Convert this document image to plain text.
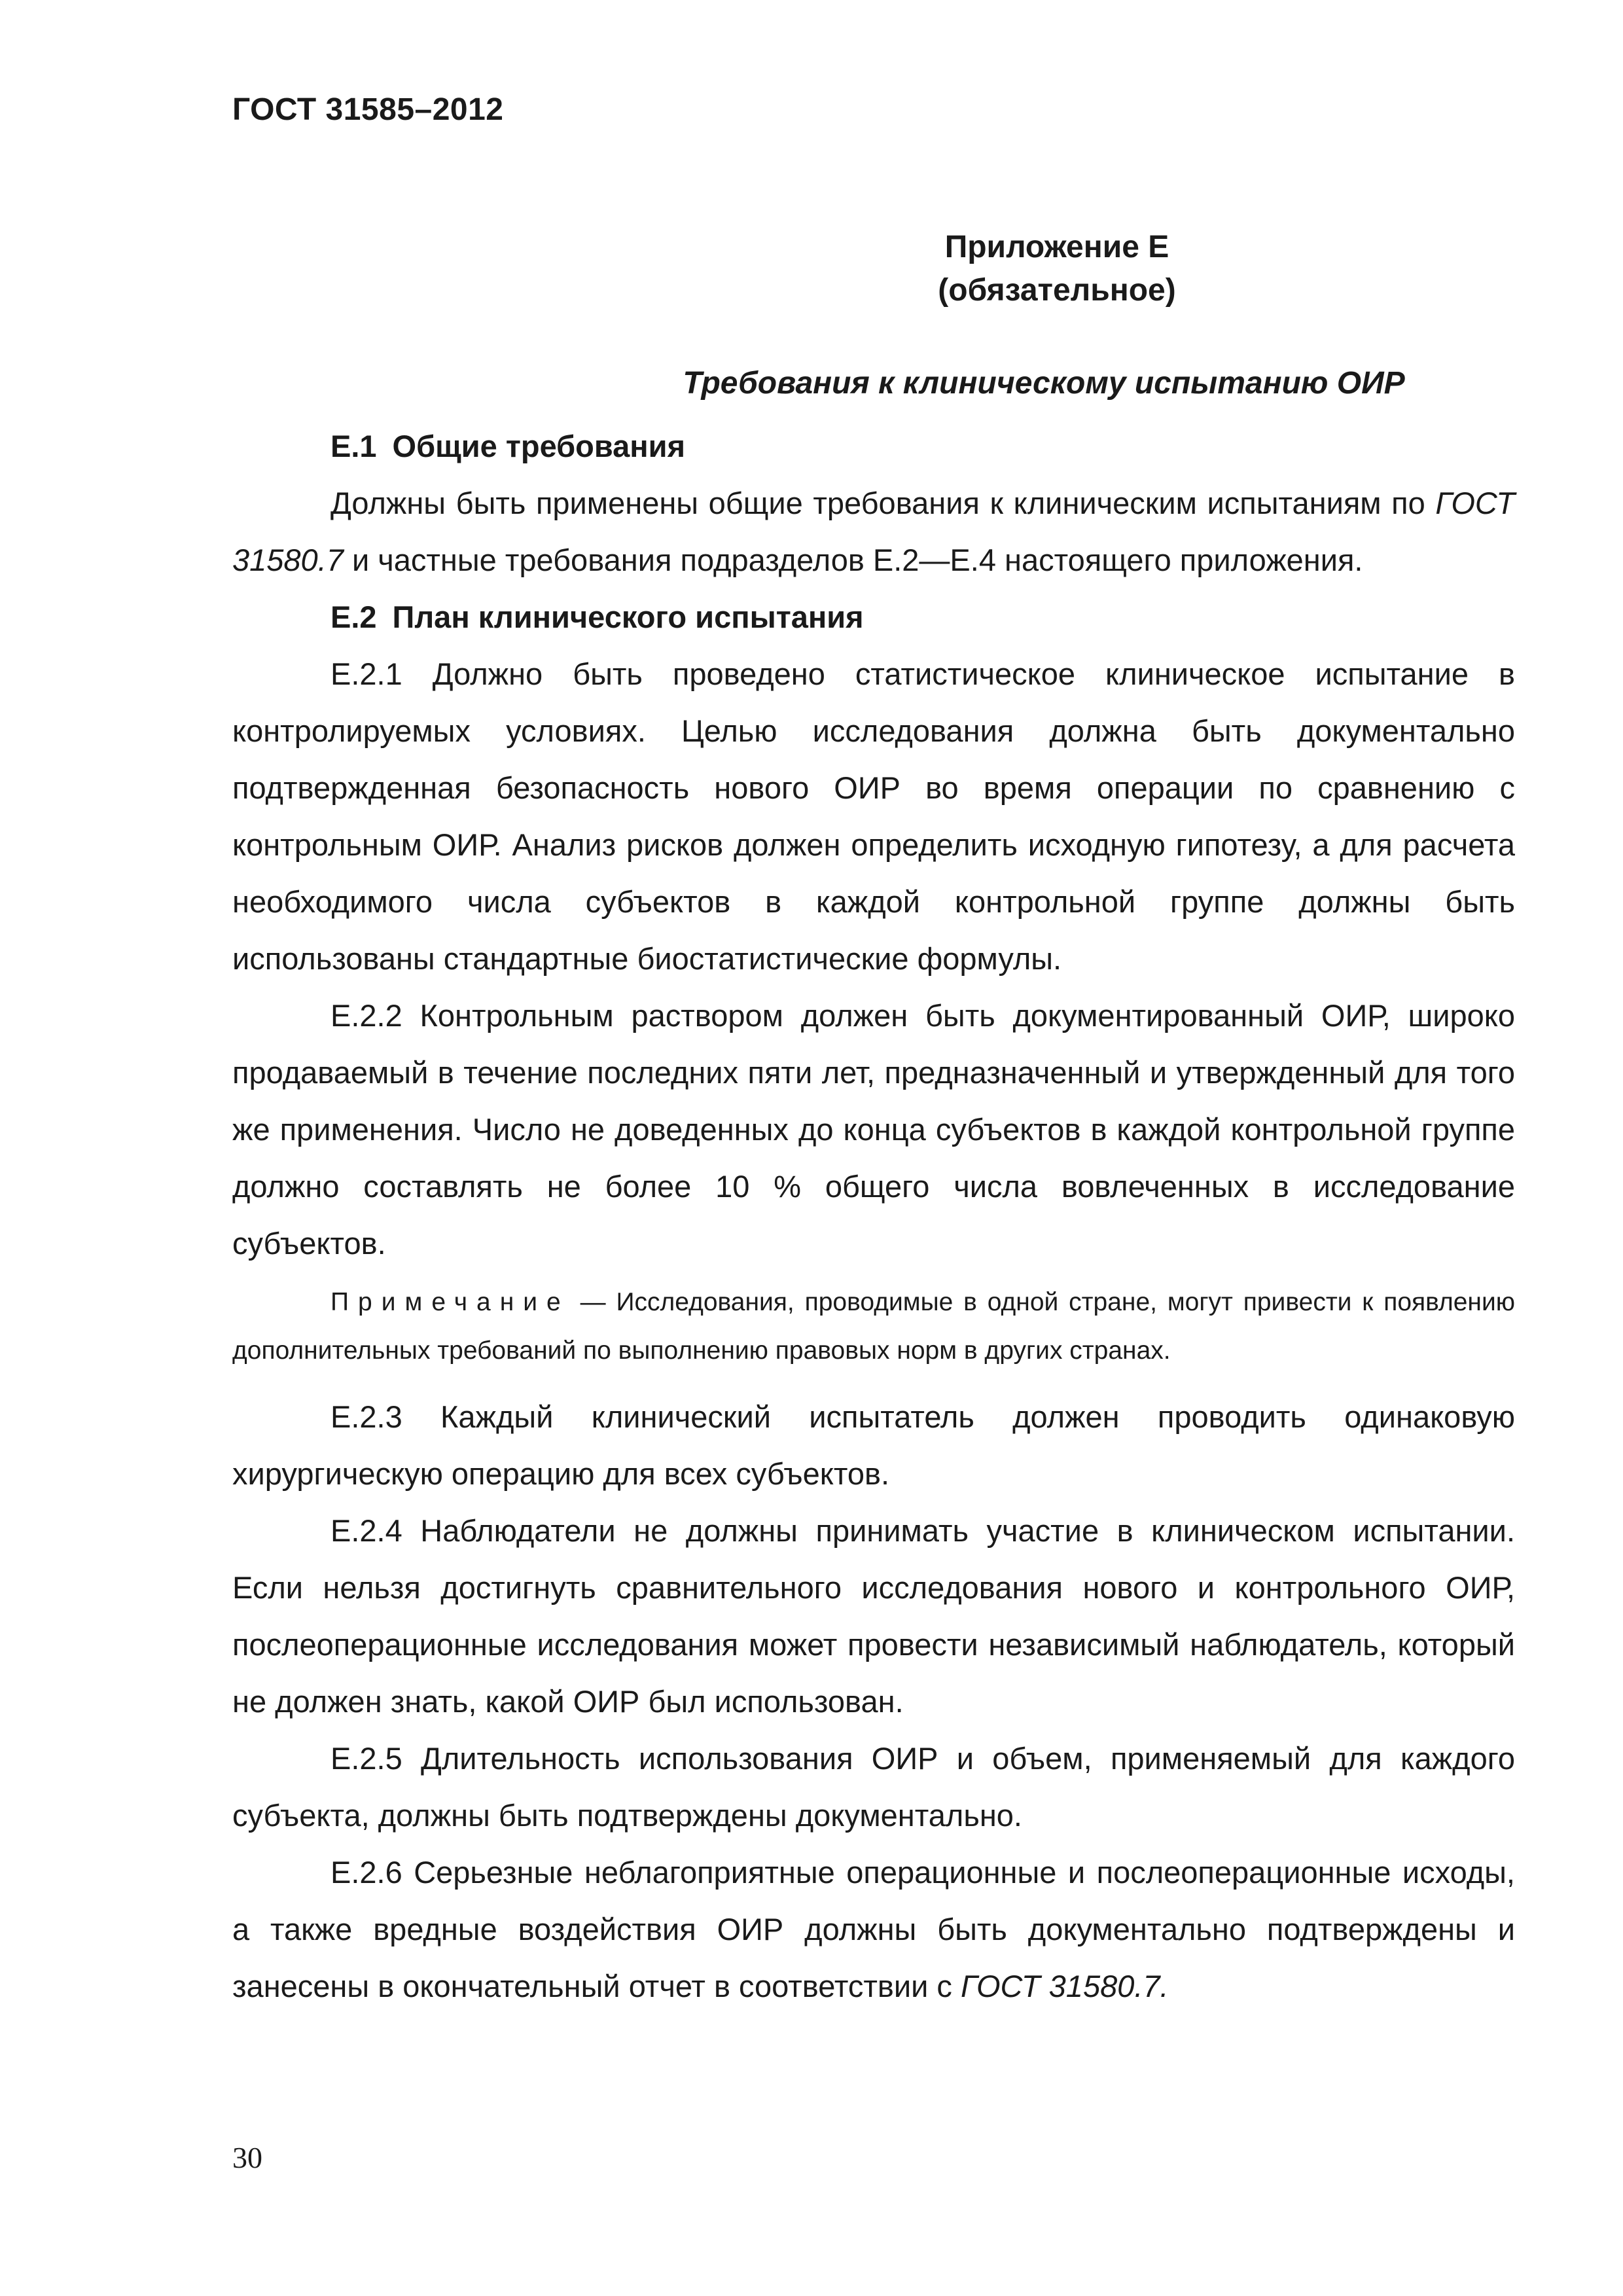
ГОСТ 31585–2012
Приложение Е
(обязательное)
Требования к клиническому испытанию ОИР

Е.1 Общие требования

Должны быть применены общие требования к клиническим испытаниям по ГОСТ 31580.7 и частные требования подразделов Е.2—Е.4 настоящего приложения.

Е.2 План клинического испытания

Е.2.1 Должно быть проведено статистическое клиническое испытание в контролируемых условиях. Целью исследования должна быть документально подтвержденная безопасность нового ОИР во время операции по сравнению с контрольным ОИР. Анализ рисков должен определить исходную гипотезу, а для расчета необходимого числа субъектов в каждой контрольной группе должны быть использованы стандартные биостатистические формулы.

Е.2.2 Контрольным раствором должен быть документированный ОИР, широко продаваемый в течение последних пяти лет, предназначенный и утвержденный для того же применения. Число не доведенных до конца субъектов в каждой контрольной группе должно составлять не более 10 % общего числа вовлеченных в исследование субъектов.

Примечание — Исследования, проводимые в одной стране, могут привести к появлению дополнительных требований по выполнению правовых норм в других странах.

Е.2.3 Каждый клинический испытатель должен проводить одинаковую хирургическую операцию для всех субъектов.

Е.2.4 Наблюдатели не должны принимать участие в клиническом испытании. Если нельзя достигнуть сравнительного исследования нового и контрольного ОИР, послеоперационные исследования может провести независимый наблюдатель, который не должен знать, какой ОИР был использован.

Е.2.5 Длительность использования ОИР и объем, применяемый для каждого субъекта, должны быть подтверждены документально.

Е.2.6 Серьезные неблагоприятные операционные и послеоперационные исходы, а также вредные воздействия ОИР должны быть документально подтверждены и занесены в окончательный отчет в соответствии с ГОСТ 31580.7.

30
